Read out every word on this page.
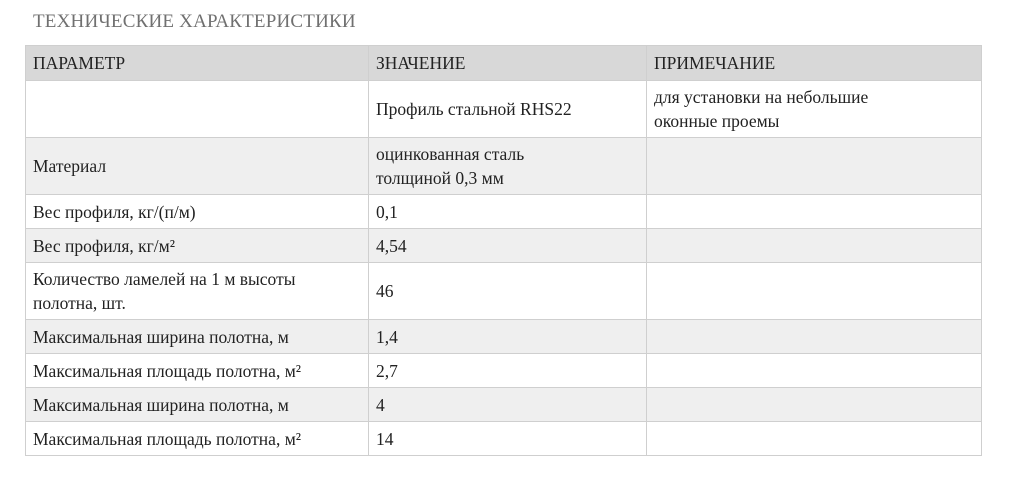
ТЕХНИЧЕСКИЕ ХАРАКТЕРИСТИКИ
ПАРАМЕТР	ЗНАЧЕНИЕ	ПРИМЕЧАНИЕ
	Профиль стальной RHS22	для установки на небольшие
оконные проемы
Материал	оцинкованная сталь
толщиной 0,3 мм	
Вес профиля, кг/(п/м)	0,1	
Вес профиля, кг/м²	4,54	
Количество ламелей на 1 м высоты
полотна, шт.	46	
Максимальная ширина полотна, м	1,4	
Максимальная площадь полотна, м²	2,7	
Максимальная ширина полотна, м	4	
Максимальная площадь полотна, м²	14	
